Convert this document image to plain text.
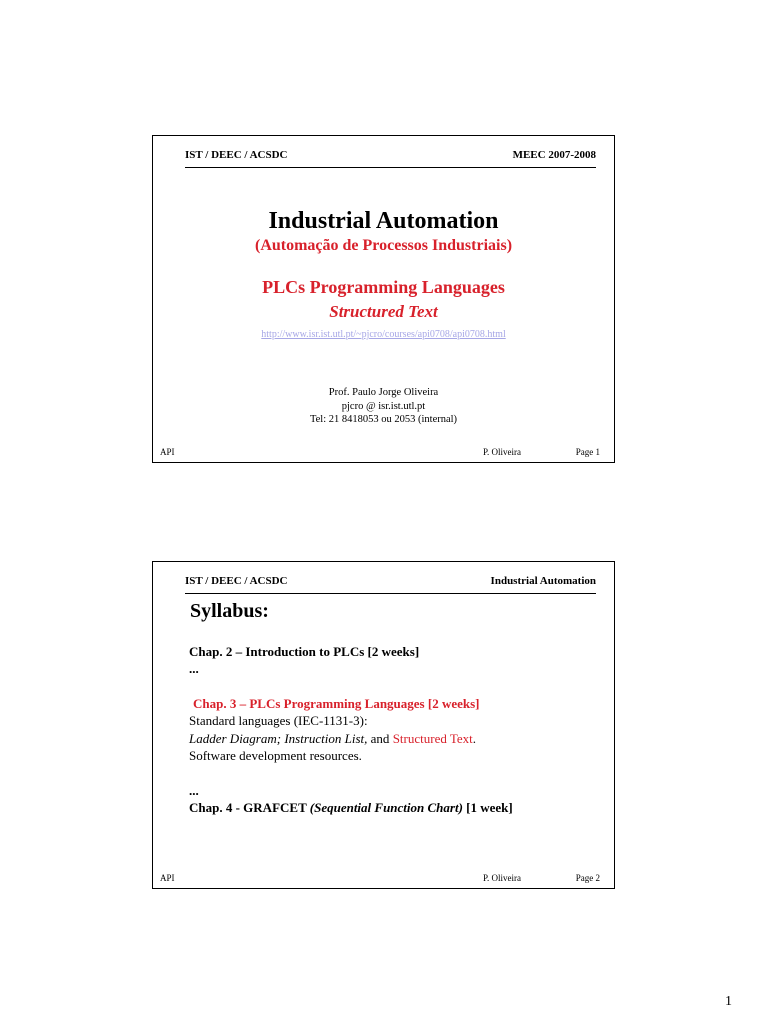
IST / DEEC / ACSDC	MEEC 2007-2008
Industrial Automation
(Automação de Processos Industriais)
PLCs Programming Languages
Structured Text
http://www.isr.ist.utl.pt/~pjcro/courses/api0708/api0708.html
Prof. Paulo Jorge Oliveira
pjcro @ isr.ist.utl.pt
Tel: 21 8418053 ou 2053 (internal)
API	P. Oliveira	Page 1
IST / DEEC / ACSDC	Industrial Automation
Syllabus:
Chap. 2 – Introduction to PLCs [2 weeks]
...
Chap. 3 – PLCs Programming Languages [2 weeks]
Standard languages (IEC-1131-3):
Ladder Diagram; Instruction List, and Structured Text.
Software development resources.
...
Chap. 4 - GRAFCET (Sequential Function Chart) [1 week]
API	P. Oliveira	Page 2
1
